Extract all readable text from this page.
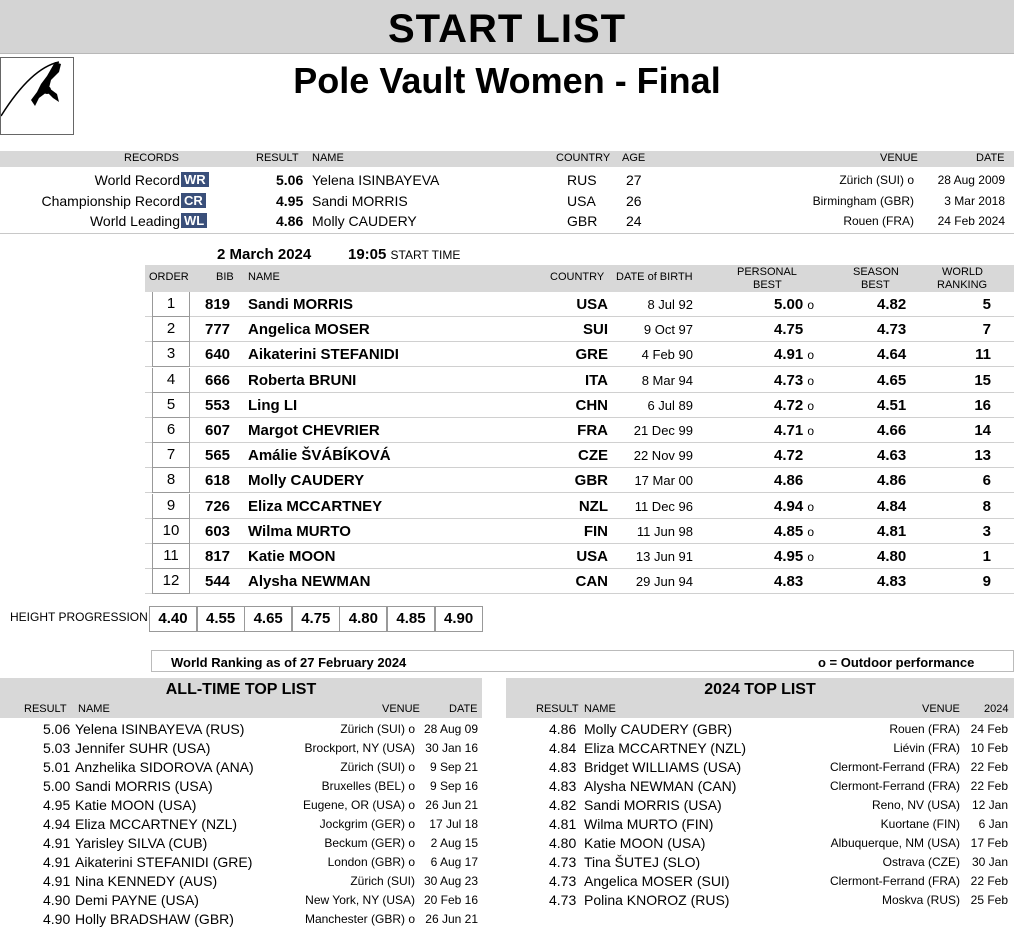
START LIST
Pole Vault Women - Final
RECORDS	RESULT NAME	COUNTRY AGE	VENUE	DATE
World Record WR	5.06 Yelena ISINBAYEVA	RUS 27	Zürich (SUI) o 28 Aug 2009
Championship Record CR	4.95 Sandi MORRIS	USA 26	Birmingham (GBR)	3 Mar 2018
World Leading WL	4.86 Molly CAUDERY	GBR 24	Rouen (FRA) 24 Feb 2024
2 March 2024 19:05 START TIME
ORDER BIB NAME	COUNTRY DATE of BIRTH	PERSONAL
BEST
SEASON
BEST
WORLD
RANKING
1	819 Sandi MORRIS	USA	8 Jul 92	5.00 o	4.82	5
2	777 Angelica MOSER	SUI	9 Oct 97	4.75	4.73	7
3	640 Aikaterini STEFANIDI	GRE	4 Feb 90	4.91 o	4.64	11
4	666 Roberta BRUNI	ITA	8 Mar 94	4.73 o	4.65	15
5	553 Ling LI	CHN	6 Jul 89	4.72 o	4.51	16
6	607 Margot CHEVRIER	FRA 21 Dec 99	4.71 o	4.66	14
7	565 Amálie ŠVÁBÍKOVÁ	CZE 22 Nov 99	4.72	4.63	13
8	618 Molly CAUDERY	GBR 17 Mar 00	4.86	4.86	6
9	726 Eliza MCCARTNEY	NZL 11 Dec 96	4.94 o	4.84	8
10	603 Wilma MURTO	FIN 11 Jun 98	4.85 o	4.81	3
11	817 Katie MOON	USA 13 Jun 91	4.95 o	4.80	1
12	544 Alysha NEWMAN	CAN 29 Jun 94	4.83	4.83	9
HEIGHT PROGRESSION 4.40	4.55	4.65	4.75	4.80	4.85	4.90
World Ranking as of 27 February 2024	o = Outdoor performance
ALL-TIME TOP LIST
RESULT NAME	VENUE	DATE
5.06 Yelena ISINBAYEVA (RUS)	Zürich (SUI) o 28 Aug 09
5.03 Jennifer SUHR (USA)	Brockport, NY (USA) 30 Jan 16
5.01 Anzhelika SIDOROVA (ANA)	Zürich (SUI) o 9 Sep 21
5.00 Sandi MORRIS (USA)	Bruxelles (BEL) o 9 Sep 16
4.95 Katie MOON (USA)	Eugene, OR (USA) o 26 Jun 21
4.94 Eliza MCCARTNEY (NZL)	Jockgrim (GER) o 17 Jul 18
4.91 Yarisley SILVA (CUB)	Beckum (GER) o 2 Aug 15
4.91 Aikaterini STEFANIDI (GRE)	London (GBR) o 6 Aug 17
4.91 Nina KENNEDY (AUS)	Zürich (SUI) 30 Aug 23
4.90 Demi PAYNE (USA)	New York, NY (USA) 20 Feb 16
4.90 Holly BRADSHAW (GBR)	Manchester (GBR) o 26 Jun 21
2024 TOP LIST
RESULT NAME	VENUE 2024
4.86 Molly CAUDERY (GBR)	Rouen (FRA) 24 Feb
4.84 Eliza MCCARTNEY (NZL)	Liévin (FRA) 10 Feb
4.83 Bridget WILLIAMS (USA)	Clermont-Ferrand (FRA) 22 Feb
4.83 Alysha NEWMAN (CAN)	Clermont-Ferrand (FRA) 22 Feb
4.82 Sandi MORRIS (USA)	Reno, NV (USA) 12 Jan
4.81 Wilma MURTO (FIN)	Kuortane (FIN) 6 Jan
4.80 Katie MOON (USA)	Albuquerque, NM (USA) 17 Feb
4.73 Tina ŠUTEJ (SLO)	Ostrava (CZE) 30 Jan
4.73 Angelica MOSER (SUI)	Clermont-Ferrand (FRA) 22 Feb
4.73 Polina KNOROZ (RUS)	Moskva (RUS) 25 Feb
